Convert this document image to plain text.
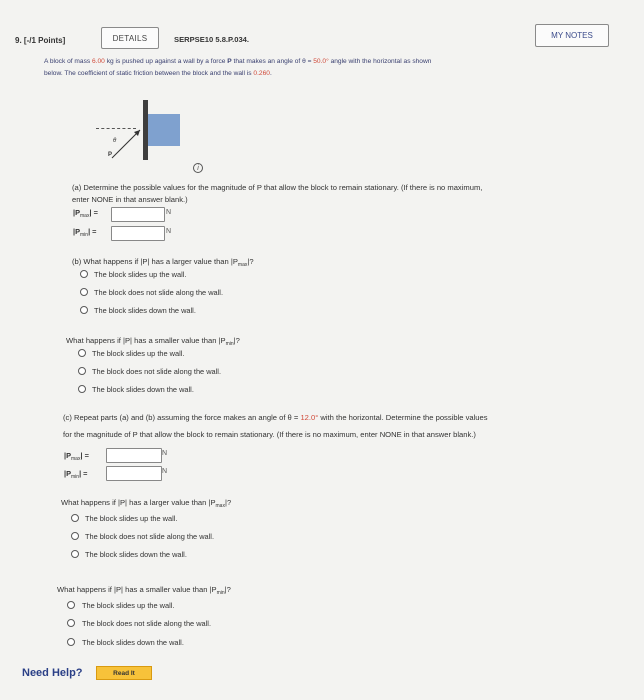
9. [-/1 Points]	DETAILS	SERPSE10 5.8.P.034.	MY NOTES
A block of mass 6.00 kg is pushed up against a wall by a force P that makes an angle of θ = 50.0° angle with the horizontal as shown
below. The coefficient of static friction between the block and the wall is 0.260.
θ
P
i
(a) Determine the possible values for the magnitude of P that allow the block to remain stationary. (If there is no maximum,
enter NONE in that answer blank.)
$|P_{max}|$ =	N
$|P_{min}|$ =	N
(b) What happens if |P| has a larger value than $|P_{max}|$?
The block slides up the wall.
The block does not slide along the wall.
The block slides down the wall.
What happens if |P| has a smaller value than $|P_{min}|$?
The block slides up the wall.
The block does not slide along the wall.
The block slides down the wall.
(c) Repeat parts (a) and (b) assuming the force makes an angle of θ = 12.0° with the horizontal. Determine the possible values
for the magnitude of P that allow the block to remain stationary. (If there is no maximum, enter NONE in that answer blank.)
$|P_{max}|$ =	N
$|P_{min}|$ =	N
What happens if |P| has a larger value than $|P_{max}|$?
The block slides up the wall.
The block does not slide along the wall.
The block slides down the wall.
What happens if |P| has a smaller value than $|P_{min}|$?
The block slides up the wall.
The block does not slide along the wall.
The block slides down the wall.
Need Help?	Read It
